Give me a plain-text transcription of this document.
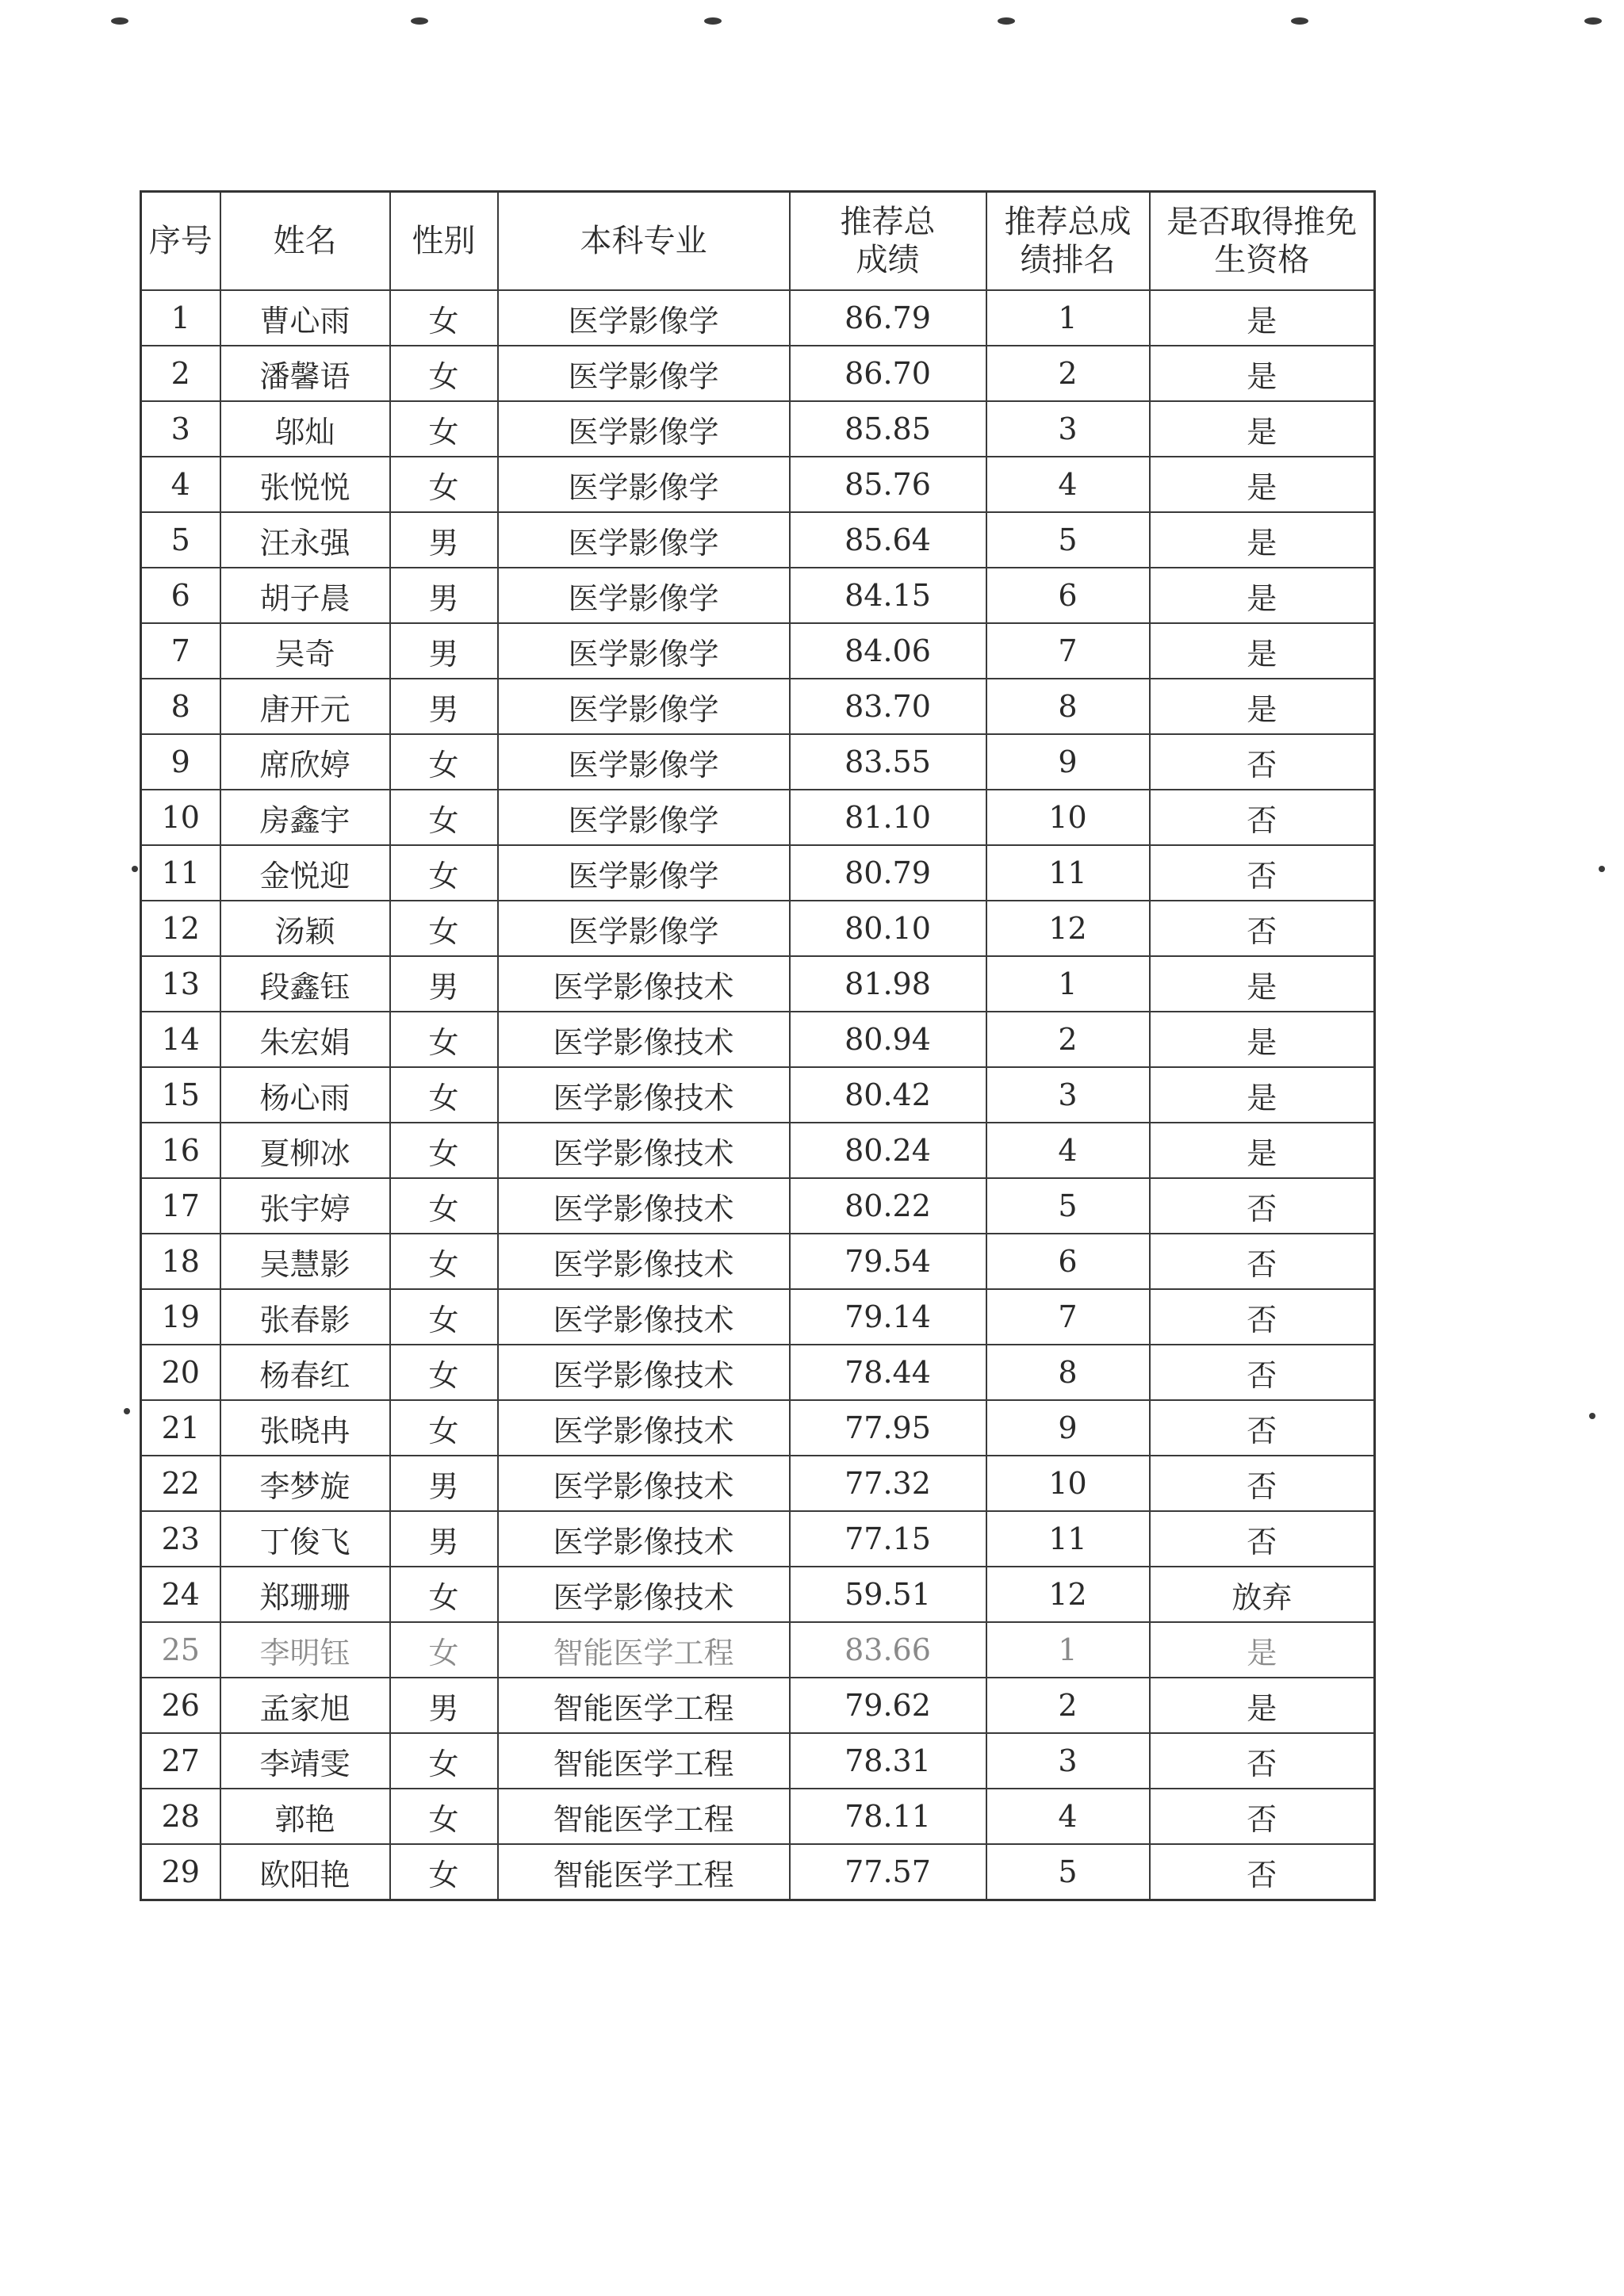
序号	姓名	性别	本科专业	推荐总成绩	推荐总成绩排名	是否取得推免生资格
1	曹心雨	女	医学影像学	86.79	1	是
2	潘馨语	女	医学影像学	86.70	2	是
3	邬灿	女	医学影像学	85.85	3	是
4	张悦悦	女	医学影像学	85.76	4	是
5	汪永强	男	医学影像学	85.64	5	是
6	胡子晨	男	医学影像学	84.15	6	是
7	吴奇	男	医学影像学	84.06	7	是
8	唐开元	男	医学影像学	83.70	8	是
9	席欣婷	女	医学影像学	83.55	9	否
10	房鑫宇	女	医学影像学	81.10	10	否
11	金悦迎	女	医学影像学	80.79	11	否
12	汤颖	女	医学影像学	80.10	12	否
13	段鑫钰	男	医学影像技术	81.98	1	是
14	朱宏娟	女	医学影像技术	80.94	2	是
15	杨心雨	女	医学影像技术	80.42	3	是
16	夏柳冰	女	医学影像技术	80.24	4	是
17	张宇婷	女	医学影像技术	80.22	5	否
18	吴慧影	女	医学影像技术	79.54	6	否
19	张春影	女	医学影像技术	79.14	7	否
20	杨春红	女	医学影像技术	78.44	8	否
21	张晓冉	女	医学影像技术	77.95	9	否
22	李梦旋	男	医学影像技术	77.32	10	否
23	丁俊飞	男	医学影像技术	77.15	11	否
24	郑珊珊	女	医学影像技术	59.51	12	放弃
25	李明钰	女	智能医学工程	83.66	1	是
26	孟家旭	男	智能医学工程	79.62	2	是
27	李靖雯	女	智能医学工程	78.31	3	否
28	郭艳	女	智能医学工程	78.11	4	否
29	欧阳艳	女	智能医学工程	77.57	5	否
